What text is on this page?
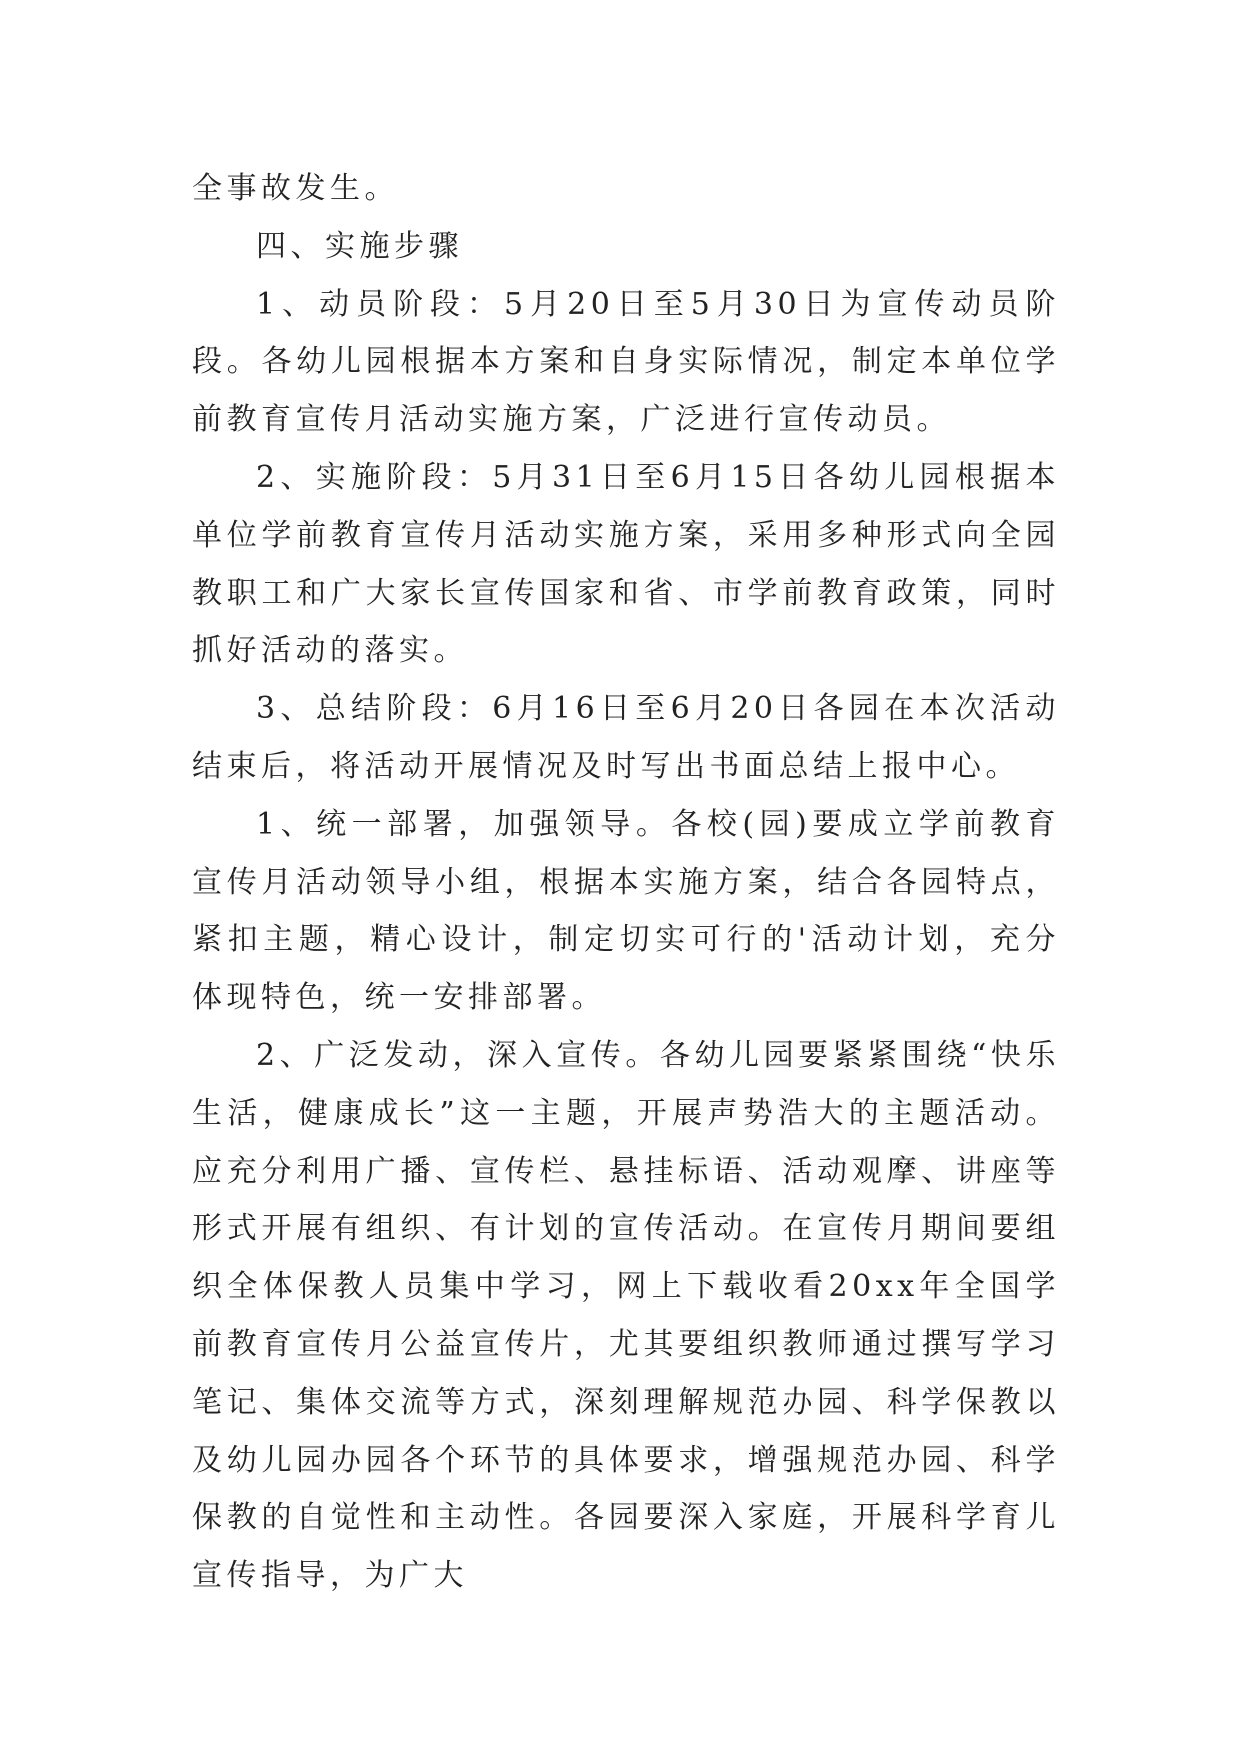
全事故发生。

四、实施步骤

1、动员阶段：5月20日至5月30日为宣传动员阶段。各幼儿园根据本方案和自身实际情况，制定本单位学前教育宣传月活动实施方案，广泛进行宣传动员。

2、实施阶段：5月31日至6月15日各幼儿园根据本单位学前教育宣传月活动实施方案，采用多种形式向全园教职工和广大家长宣传国家和省、市学前教育政策，同时抓好活动的落实。

3、总结阶段：6月16日至6月20日各园在本次活动结束后，将活动开展情况及时写出书面总结上报中心。

1、统一部署，加强领导。各校(园)要成立学前教育宣传月活动领导小组，根据本实施方案，结合各园特点，紧扣主题，精心设计，制定切实可行的'活动计划，充分体现特色，统一安排部署。

2、广泛发动，深入宣传。各幼儿园要紧紧围绕“快乐生活，健康成长”这一主题，开展声势浩大的主题活动。应充分利用广播、宣传栏、悬挂标语、活动观摩、讲座等形式开展有组织、有计划的宣传活动。在宣传月期间要组织全体保教人员集中学习，网上下载收看20xx年全国学前教育宣传月公益宣传片，尤其要组织教师通过撰写学习笔记、集体交流等方式，深刻理解规范办园、科学保教以及幼儿园办园各个环节的具体要求，增强规范办园、科学保教的自觉性和主动性。各园要深入家庭，开展科学育儿宣传指导，为广大
